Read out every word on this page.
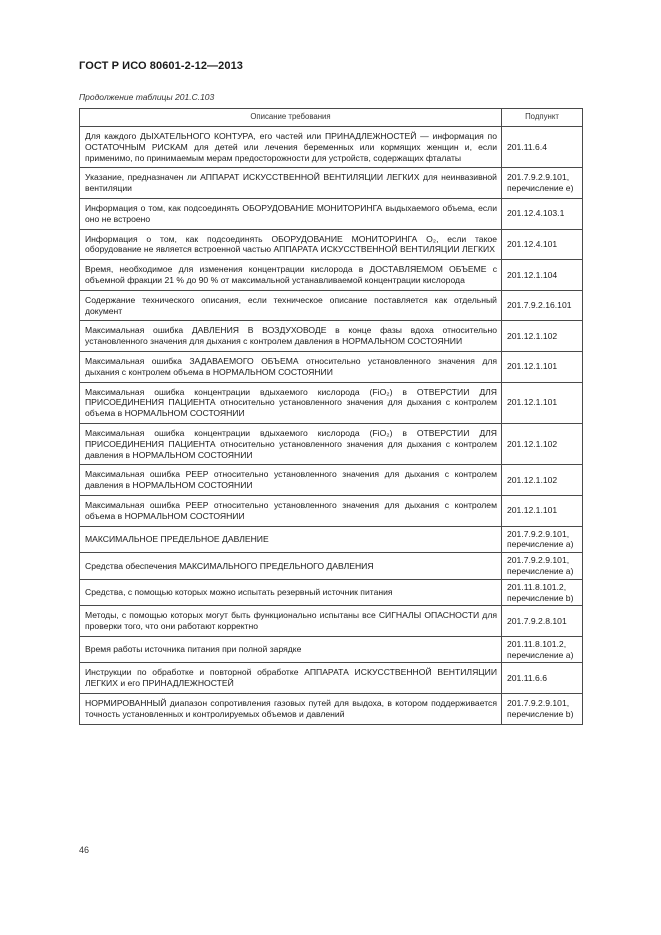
ГОСТ Р ИСО 80601-2-12—2013
Продолжение таблицы 201.C.103
Описание требования	Подпункт
Для каждого ДЫХАТЕЛЬНОГО КОНТУРА, его частей или ПРИНАДЛЕЖНОСТЕЙ — информация по ОСТАТОЧНЫМ РИСКАМ для детей или лечения беременных или кормящих женщин и, если применимо, по принимаемым мерам предосторожности для устройств, содержащих фталаты	201.11.6.4
Указание, предназначен ли АППАРАТ ИСКУССТВЕННОЙ ВЕНТИЛЯЦИИ ЛЕГКИХ для неинвазивной вентиляции	201.7.9.2.9.101, перечисление e)
Информация о том, как подсоединять ОБОРУДОВАНИЕ МОНИТОРИНГА выдыхаемого объема, если оно не встроено	201.12.4.103.1
Информация о том, как подсоединять ОБОРУДОВАНИЕ МОНИТОРИНГА O₂, если такое оборудование не является встроенной частью АППАРАТА ИСКУССТВЕННОЙ ВЕНТИЛЯЦИИ ЛЕГКИХ	201.12.4.101
Время, необходимое для изменения концентрации кислорода в ДОСТАВЛЯЕМОМ ОБЪЕМЕ с объемной фракции 21 % до 90 % от максимальной устанавливаемой концентрации кислорода	201.12.1.104
Содержание технического описания, если техническое описание поставляется как отдельный документ	201.7.9.2.16.101
Максимальная ошибка ДАВЛЕНИЯ В ВОЗДУХОВОДЕ в конце фазы вдоха относительно установленного значения для дыхания с контролем давления в НОРМАЛЬНОМ СОСТОЯНИИ	201.12.1.102
Максимальная ошибка ЗАДАВАЕМОГО ОБЪЕМА относительно установленного значения для дыхания с контролем объема в НОРМАЛЬНОМ СОСТОЯНИИ	201.12.1.101
Максимальная ошибка концентрации вдыхаемого кислорода (FiO₂) в ОТВЕРСТИИ ДЛЯ ПРИСОЕДИНЕНИЯ ПАЦИЕНТА относительно установленного значения для дыхания с контролем объема в НОРМАЛЬНОМ СОСТОЯНИИ	201.12.1.101
Максимальная ошибка концентрации вдыхаемого кислорода (FiO₂) в ОТВЕРСТИИ ДЛЯ ПРИСОЕДИНЕНИЯ ПАЦИЕНТА относительно установленного значения для дыхания с контролем давления в НОРМАЛЬНОМ СОСТОЯНИИ	201.12.1.102
Максимальная ошибка PEEP относительно установленного значения для дыхания с контролем давления в НОРМАЛЬНОМ СОСТОЯНИИ	201.12.1.102
Максимальная ошибка PEEP относительно установленного значения для дыхания с контролем объема в НОРМАЛЬНОМ СОСТОЯНИИ	201.12.1.101
МАКСИМАЛЬНОЕ ПРЕДЕЛЬНОЕ ДАВЛЕНИЕ	201.7.9.2.9.101, перечисление a)
Средства обеспечения МАКСИМАЛЬНОГО ПРЕДЕЛЬНОГО ДАВЛЕНИЯ	201.7.9.2.9.101, перечисление a)
Средства, с помощью которых можно испытать резервный источник питания	201.11.8.101.2, перечисление b)
Методы, с помощью которых могут быть функционально испытаны все СИГНАЛЫ ОПАСНОСТИ для проверки того, что они работают корректно	201.7.9.2.8.101
Время работы источника питания при полной зарядке	201.11.8.101.2, перечисление a)
Инструкции по обработке и повторной обработке АППАРАТА ИСКУССТВЕННОЙ ВЕНТИЛЯЦИИ ЛЕГКИХ и его ПРИНАДЛЕЖНОСТЕЙ	201.11.6.6
НОРМИРОВАННЫЙ диапазон сопротивления газовых путей для выдоха, в котором поддерживается точность установленных и контролируемых объемов и давлений	201.7.9.2.9.101, перечисление b)
46
